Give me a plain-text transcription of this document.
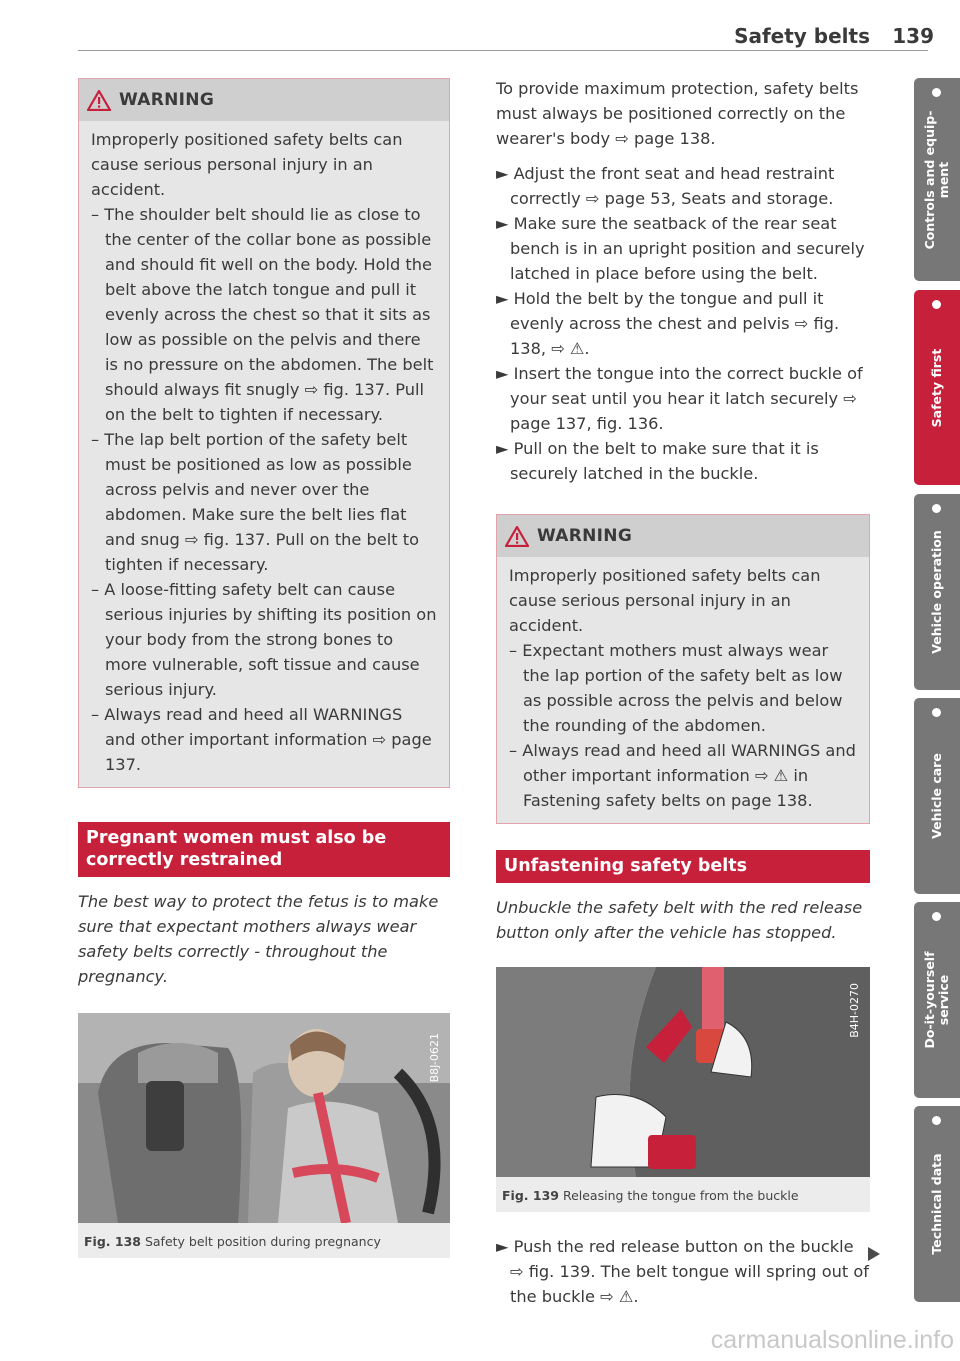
Safety belts 139
WARNING

Improperly positioned safety belts can cause serious personal injury in an accident.

– The shoulder belt should lie as close to the center of the collar bone as possible and should fit well on the body. Hold the belt above the latch tongue and pull it evenly across the chest so that it sits as low as possible on the pelvis and there is no pressure on the abdomen. The belt should always fit snugly ⇨ fig. 137. Pull on the belt to tighten if necessary.

– The lap belt portion of the safety belt must be positioned as low as possible across pelvis and never over the abdomen. Make sure the belt lies flat and snug ⇨ fig. 137. Pull on the belt to tighten if necessary.

– A loose-fitting safety belt can cause serious injuries by shifting its position on your body from the strong bones to more vulnerable, soft tissue and cause serious injury.

– Always read and heed all WARNINGS and other important information ⇨ page 137.

Pregnant women must also be correctly restrained

The best way to protect the fetus is to make sure that expectant mothers always wear safety belts correctly - throughout the pregnancy.

B8J-0621
Fig. 138 Safety belt position during pregnancy

To provide maximum protection, safety belts must always be positioned correctly on the wearer's body ⇨ page 138.

► Adjust the front seat and head restraint correctly ⇨ page 53, Seats and storage.

► Make sure the seatback of the rear seat bench is in an upright position and securely latched in place before using the belt.

► Hold the belt by the tongue and pull it evenly across the chest and pelvis ⇨ fig. 138, ⇨ ⚠.

► Insert the tongue into the correct buckle of your seat until you hear it latch securely ⇨ page 137, fig. 136.

► Pull on the belt to make sure that it is securely latched in the buckle.

WARNING

Improperly positioned safety belts can cause serious personal injury in an accident.

– Expectant mothers must always wear the lap portion of the safety belt as low as possible across the pelvis and below the rounding of the abdomen.

– Always read and heed all WARNINGS and other important information ⇨ ⚠ in Fastening safety belts on page 138.

Unfastening safety belts

Unbuckle the safety belt with the red release button only after the vehicle has stopped.

B4H-0270
Fig. 139 Releasing the tongue from the buckle

► Push the red release button on the buckle ⇨ fig. 139. The belt tongue will spring out of the buckle ⇨ ⚠.

Controls and equip-
ment
Safety first
Vehicle operation
Vehicle care
Do-it-yourself
service
Technical data
carmanualsonline.info
